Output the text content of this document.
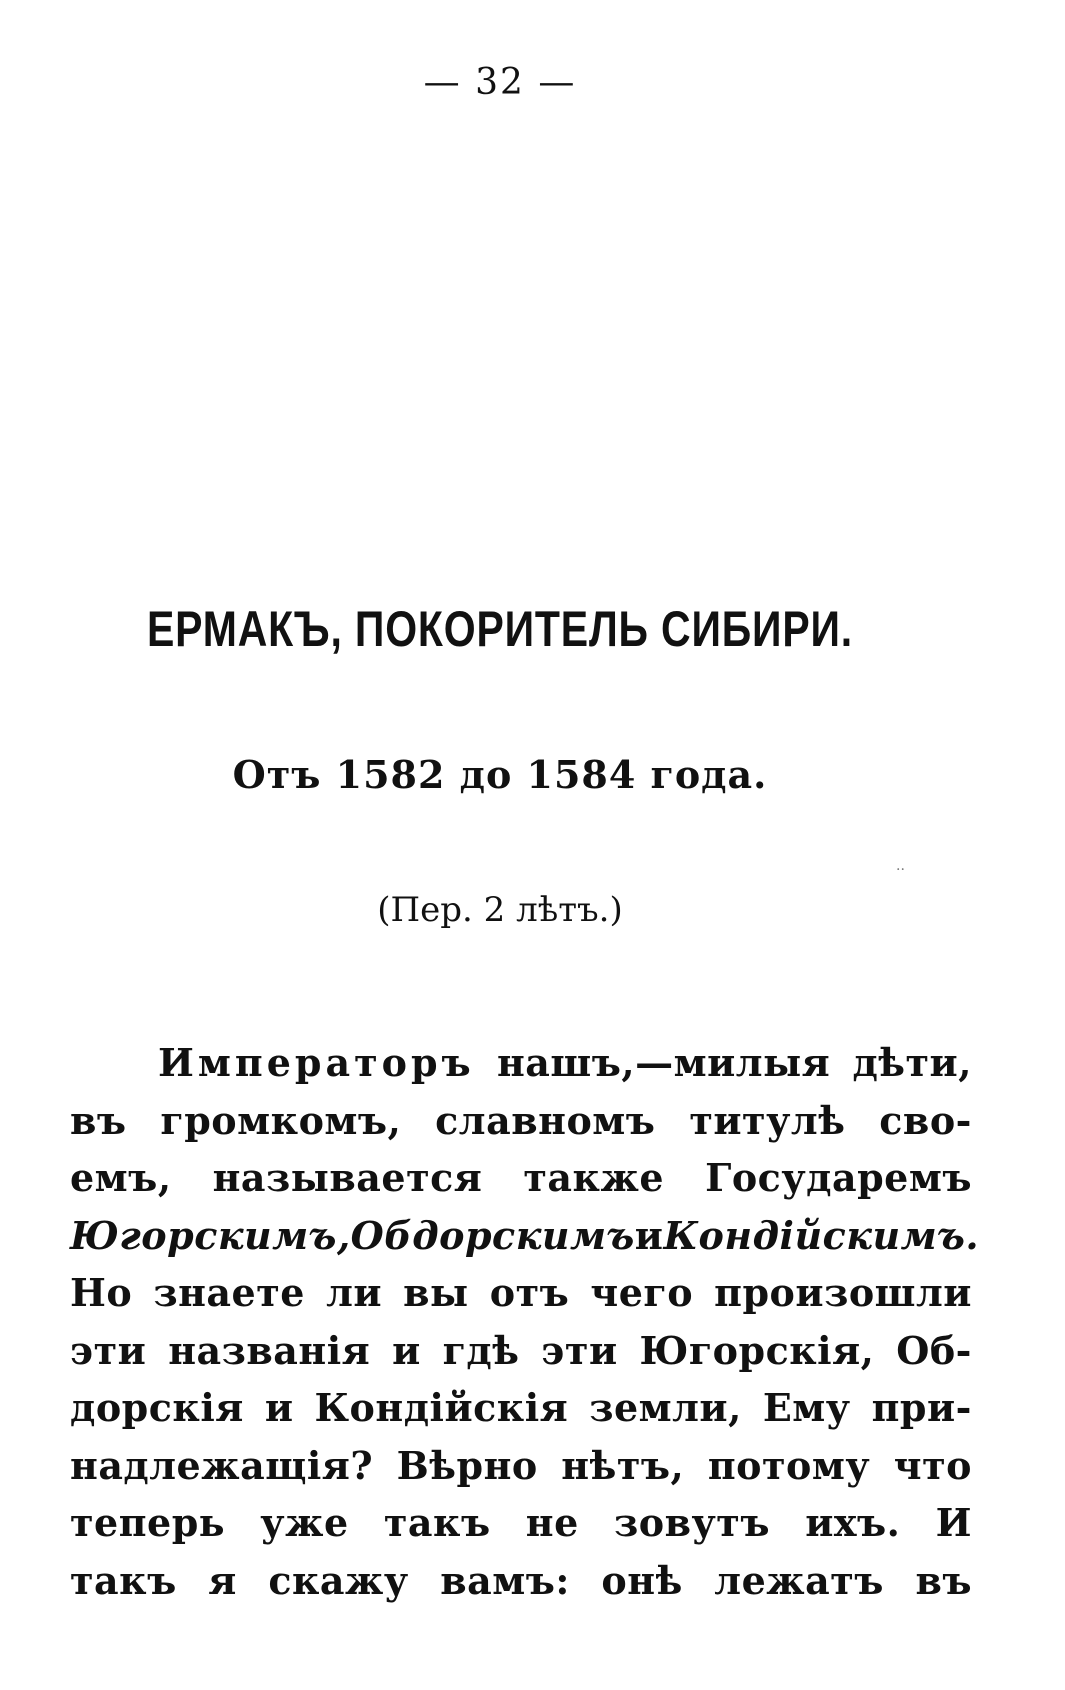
— 32 —
ЕРМАКЪ, ПОКОРИТЕЛЬ СИБИРИ.
Отъ 1582 до 1584 года.
..
(Пер. 2 лѣтъ.)
Императоръ нашъ,—милыя дѣти,
въ громкомъ, славномъ титулѣ сво-
емъ, называется также Государемъ
Югорскимъ, Обдорскимъ и Кондійскимъ.
Но знаете ли вы отъ чего произошли
эти названія и гдѣ эти Югорскія, Об-
дорскія и Кондійскія земли, Ему при-
надлежащія? Вѣрно нѣтъ, потому что
теперь уже такъ не зовутъ ихъ. И
такъ я скажу вамъ: онѣ лежатъ въ
